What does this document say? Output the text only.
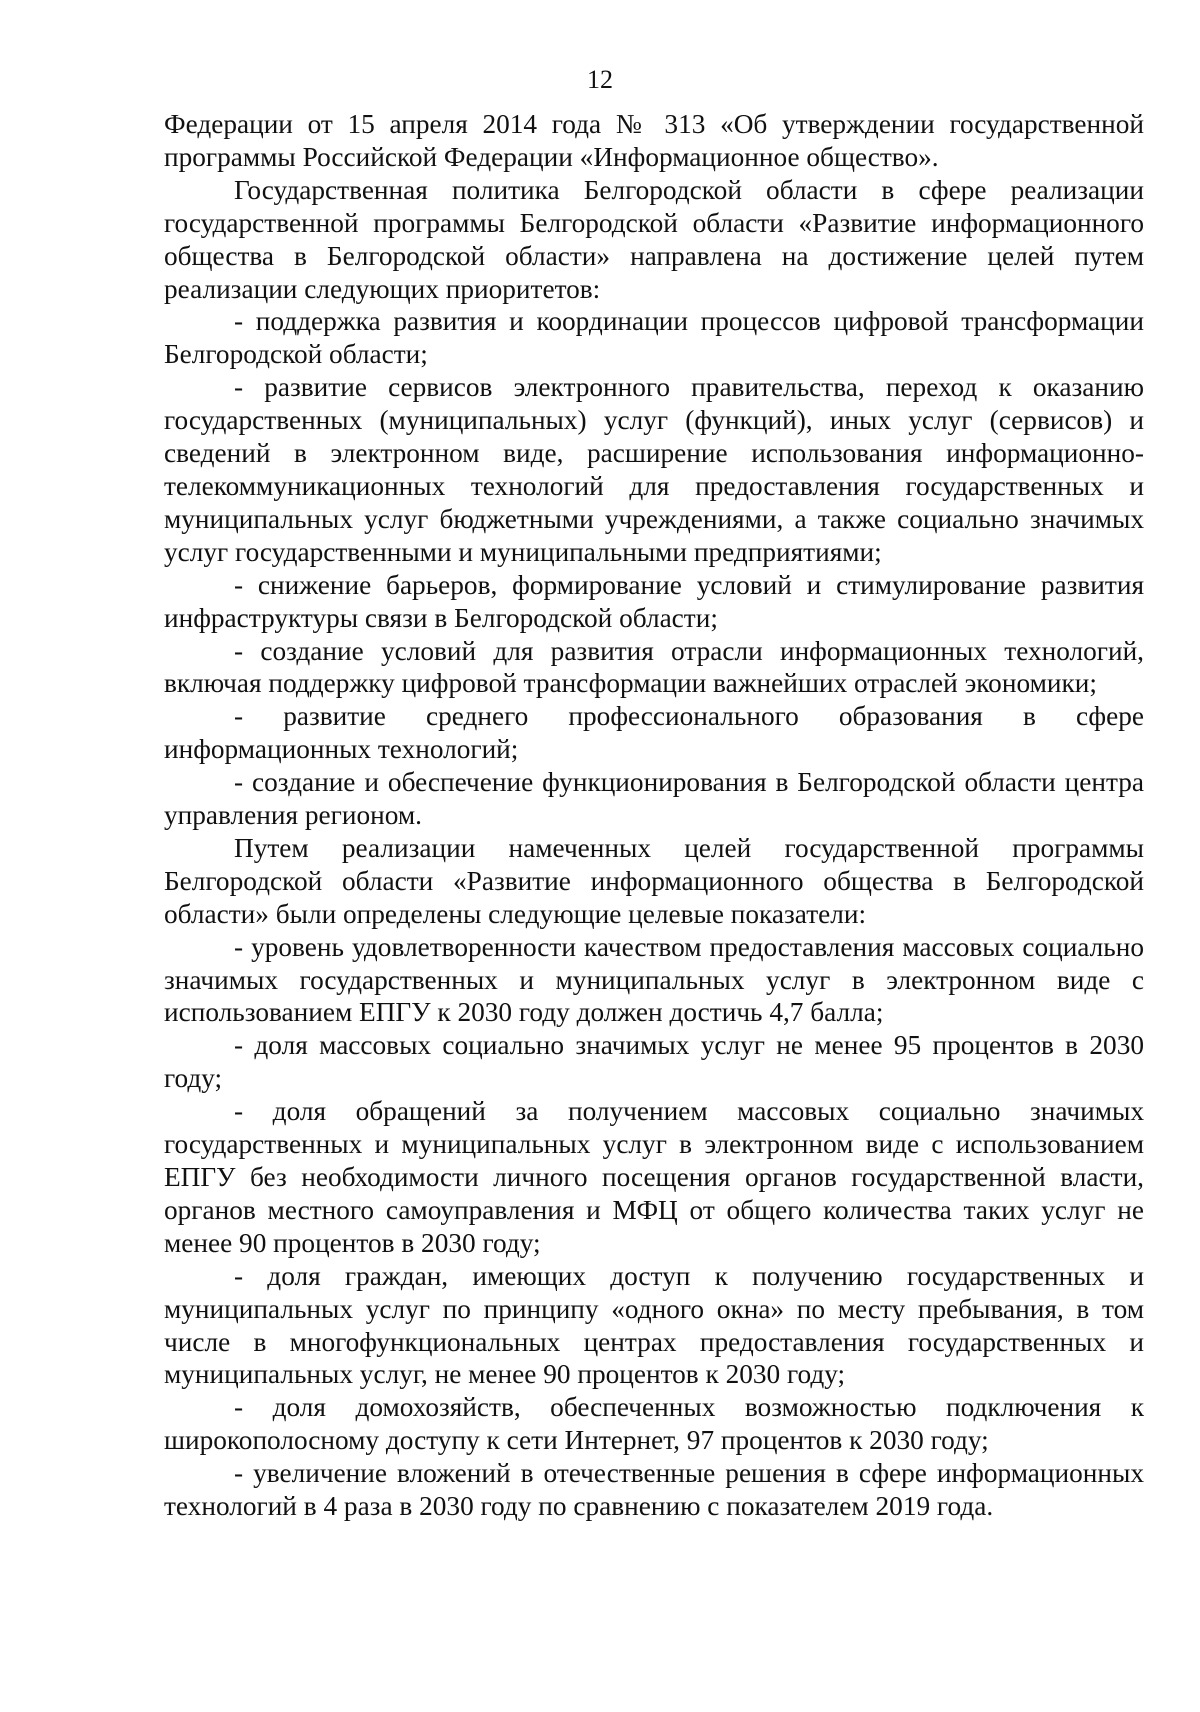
12

Федерации от 15 апреля 2014 года № 313 «Об утверждении государственной программы Российской Федерации «Информационное общество».

Государственная политика Белгородской области в сфере реализации государственной программы Белгородской области «Развитие информационного общества в Белгородской области» направлена на достижение целей путем реализации следующих приоритетов:

- поддержка развития и координации процессов цифровой трансформации Белгородской области;

- развитие сервисов электронного правительства, переход к оказанию государственных (муниципальных) услуг (функций), иных услуг (сервисов) и сведений в электронном виде, расширение использования информационно-телекоммуникационных технологий для предоставления государственных и муниципальных услуг бюджетными учреждениями, а также социально значимых услуг государственными и муниципальными предприятиями;

- снижение барьеров, формирование условий и стимулирование развития инфраструктуры связи в Белгородской области;

- создание условий для развития отрасли информационных технологий, включая поддержку цифровой трансформации важнейших отраслей экономики;

- развитие среднего профессионального образования в сфере информационных технологий;

- создание и обеспечение функционирования в Белгородской области центра управления регионом.

Путем реализации намеченных целей государственной программы Белгородской области «Развитие информационного общества в Белгородской области» были определены следующие целевые показатели:

- уровень удовлетворенности качеством предоставления массовых социально значимых государственных и муниципальных услуг в электронном виде с использованием ЕПГУ к 2030 году должен достичь 4,7 балла;

- доля массовых социально значимых услуг не менее 95 процентов в 2030 году;

- доля обращений за получением массовых социально значимых государственных и муниципальных услуг в электронном виде с использованием ЕПГУ без необходимости личного посещения органов государственной власти, органов местного самоуправления и МФЦ от общего количества таких услуг не менее 90 процентов в 2030 году;

- доля граждан, имеющих доступ к получению государственных и муниципальных услуг по принципу «одного окна» по месту пребывания, в том числе в многофункциональных центрах предоставления государственных и муниципальных услуг, не менее 90 процентов к 2030 году;

- доля домохозяйств, обеспеченных возможностью подключения к широкополосному доступу к сети Интернет, 97 процентов к 2030 году;

- увеличение вложений в отечественные решения в сфере информационных технологий в 4 раза в 2030 году по сравнению с показателем 2019 года.
